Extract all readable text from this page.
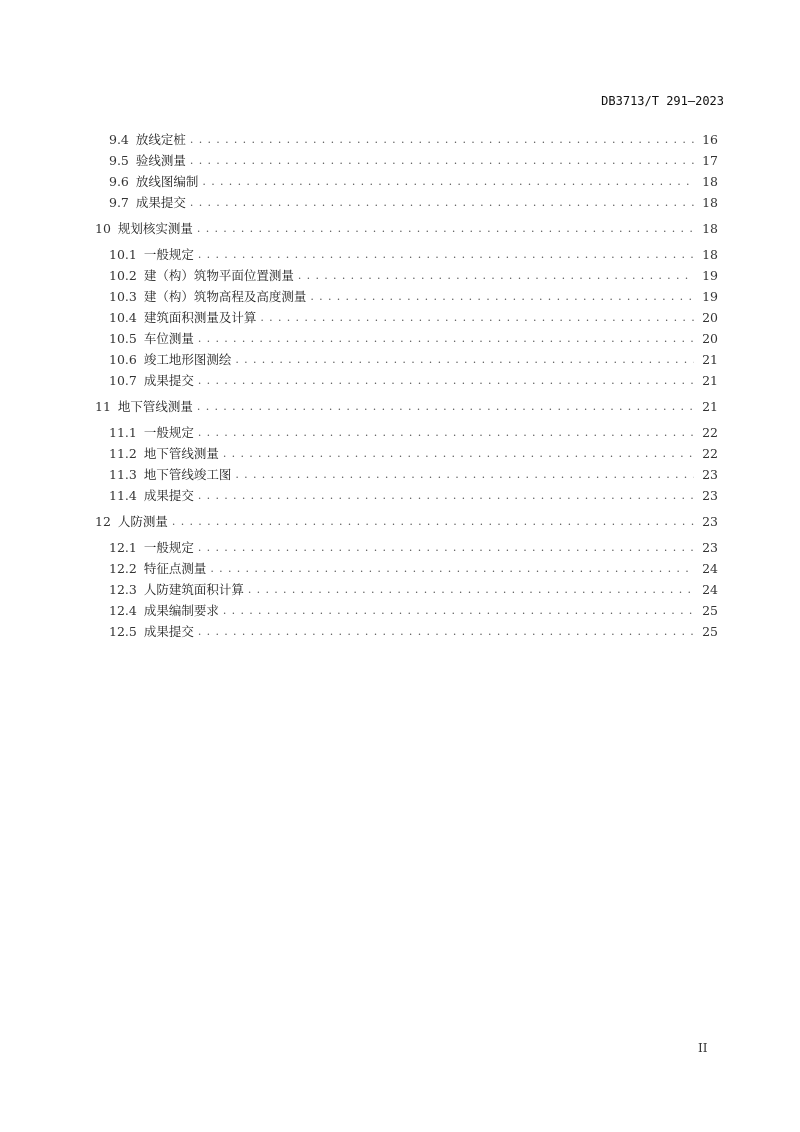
DB3713/T 291—2023
9.4 放线定桩 . . .	16
9.5 验线测量 . . .	17
9.6 放线图编制 . . .	18
9.7 成果提交 . . .	18
10 规划核实测量 . . .	18
10.1 一般规定 . . .	18
10.2 建（构）筑物平面位置测量 . . .	19
10.3 建（构）筑物高程及高度测量 . . .	19
10.4 建筑面积测量及计算 . . .	20
10.5 车位测量 . . .	20
10.6 竣工地形图测绘 . . .	21
10.7 成果提交 . . .	21
11 地下管线测量 . . .	21
11.1 一般规定 . . .	22
11.2 地下管线测量 . . .	22
11.3 地下管线竣工图 . . .	23
11.4 成果提交 . . .	23
12 人防测量 . . .	23
12.1 一般规定 . . .	23
12.2 特征点测量 . . .	24
12.3 人防建筑面积计算 . . .	24
12.4 成果编制要求 . . .	25
12.5 成果提交 . . .	25
II
